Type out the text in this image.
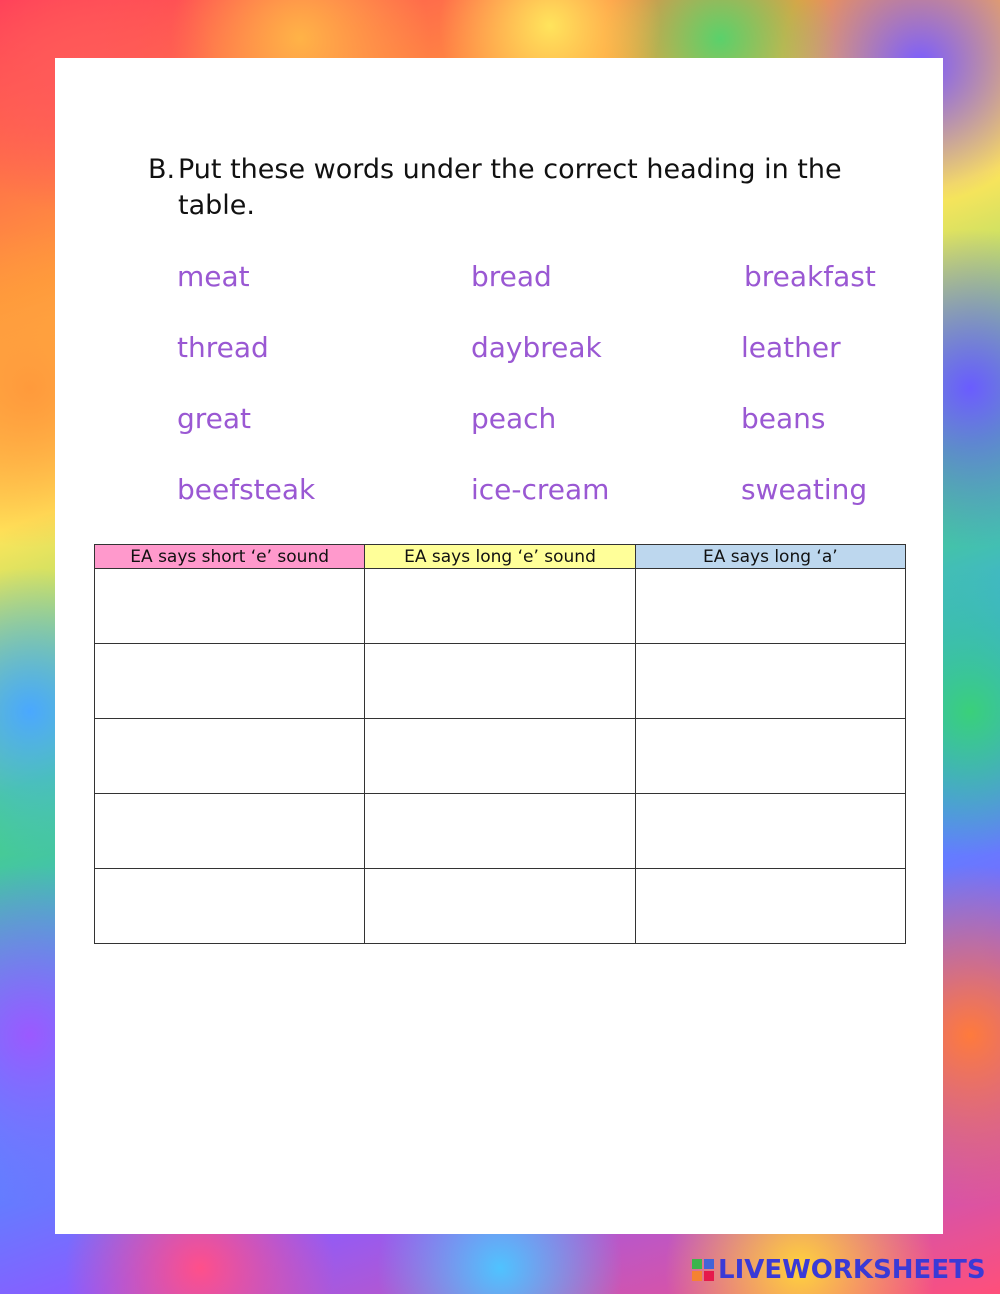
B. Put these words under the correct heading in the table.
meat	bread	breakfast
thread	daybreak	leather
great	peach	beans
beefsteak	ice-cream	sweating
EA says short ‘e’ sound	EA says long ‘e’ sound	EA says long ‘a’

LIVEWORKSHEETS
